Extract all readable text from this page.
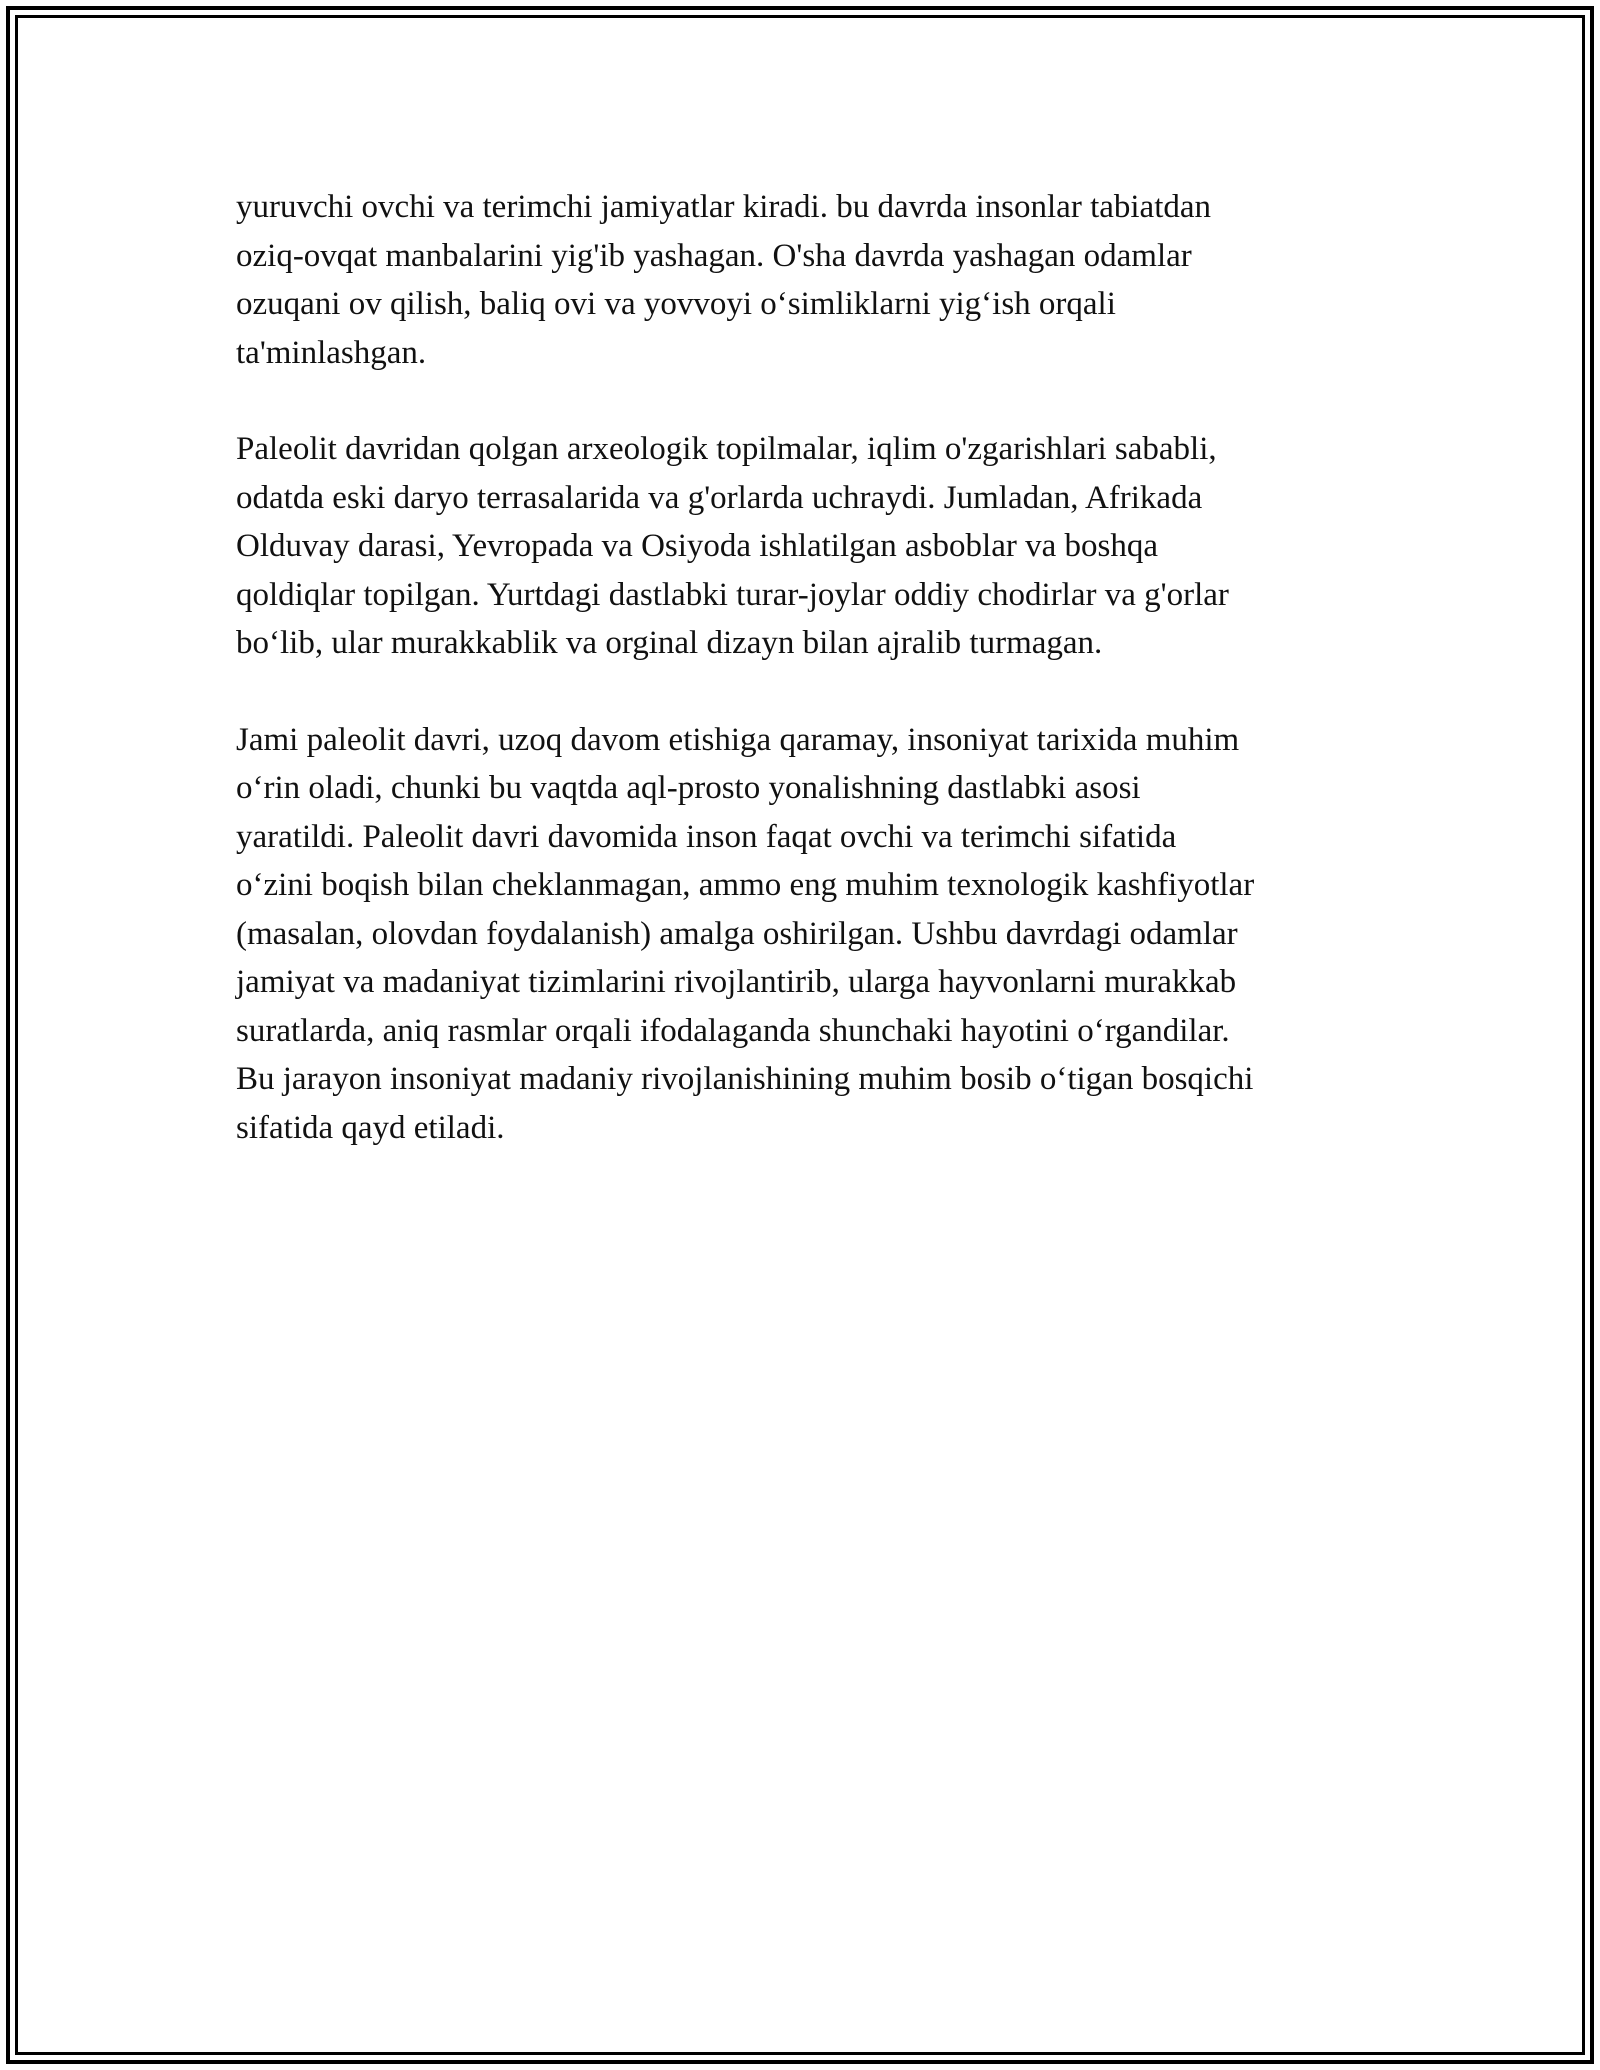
yuruvchi ovchi va terimchi jamiyatlar kiradi. bu davrda insonlar tabiatdan
oziq-ovqat manbalarini yig'ib yashagan. O'sha davrda yashagan odamlar
ozuqani ov qilish, baliq ovi va yovvoyi o‘simliklarni yig‘ish orqali
ta'minlashgan.

Paleolit davridan qolgan arxeologik topilmalar, iqlim o'zgarishlari sababli,
odatda eski daryo terrasalarida va g'orlarda uchraydi. Jumladan, Afrikada
Olduvay darasi, Yevropada va Osiyoda ishlatilgan asboblar va boshqa
qoldiqlar topilgan. Yurtdagi dastlabki turar-joylar oddiy chodirlar va g'orlar
bo‘lib, ular murakkablik va orginal dizayn bilan ajralib turmagan.

Jami paleolit davri, uzoq davom etishiga qaramay, insoniyat tarixida muhim
o‘rin oladi, chunki bu vaqtda aql-prosto yonalishning dastlabki asosi
yaratildi. Paleolit davri davomida inson faqat ovchi va terimchi sifatida
o‘zini boqish bilan cheklanmagan, ammo eng muhim texnologik kashfiyotlar
(masalan, olovdan foydalanish) amalga oshirilgan. Ushbu davrdagi odamlar
jamiyat va madaniyat tizimlarini rivojlantirib, ularga hayvonlarni murakkab
suratlarda, aniq rasmlar orqali ifodalaganda shunchaki hayotini o‘rgandilar.
Bu jarayon insoniyat madaniy rivojlanishining muhim bosib o‘tigan bosqichi
sifatida qayd etiladi.
